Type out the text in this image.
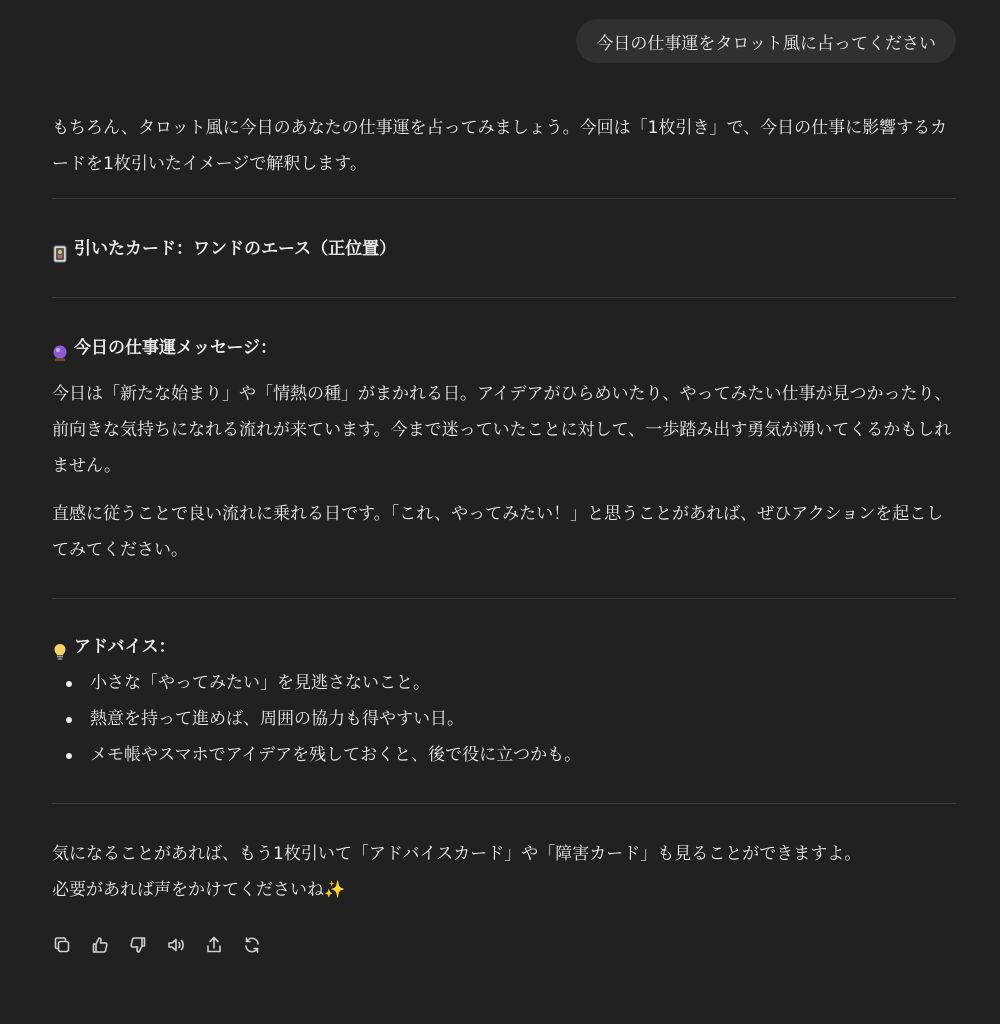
今日の仕事運をタロット風に占ってください

もちろん、タロット風に今日のあなたの仕事運を占ってみましょう。今回は「1枚引き」で、今日の仕事に影響するカードを1枚引いたイメージで解釈します。

引いたカード：ワンドのエース（正位置）
今日の仕事運メッセージ：

今日は「新たな始まり」や「情熱の種」がまかれる日。アイデアがひらめいたり、やってみたい仕事が見つかったり、前向きな気持ちになれる流れが来ています。今まで迷っていたことに対して、一歩踏み出す勇気が湧いてくるかもしれません。

直感に従うことで良い流れに乗れる日です。「これ、やってみたい！」と思うことがあれば、ぜひアクションを起こしてみてください。

アドバイス：
小さな「やってみたい」を見逃さないこと。
熱意を持って進めば、周囲の協力も得やすい日。
メモ帳やスマホでアイデアを残しておくと、後で役に立つかも。

気になることがあれば、もう1枚引いて「アドバイスカード」や「障害カード」も見ることができますよ。

必要があれば声をかけてくださいね✨
